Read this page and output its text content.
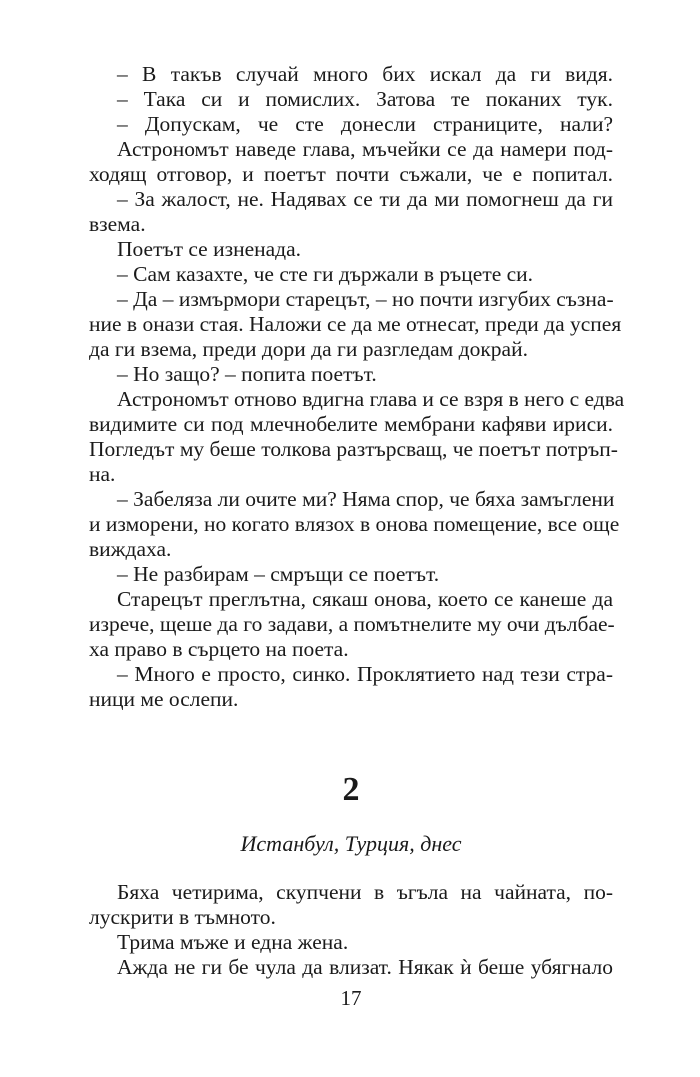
– В такъв случай много бих искал да ги видя.
– Така си и помислих. Затова те поканих тук.
– Допускам, че сте донесли страниците, нали?
Астрономът наведе глава, мъчейки се да намери под-
ходящ отговор, и поетът почти съжали, че е попитал.
– За жалост, не. Надявах се ти да ми помогнеш да ги
взема.
Поетът се изненада.
– Сам казахте, че сте ги държали в ръцете си.
– Да – измърмори старецът, – но почти изгубих съзна-
ние в онази стая. Наложи се да ме отнесат, преди да успея
да ги взема, преди дори да ги разгледам докрай.
– Но защо? – попита поетът.
Астрономът отново вдигна глава и се взря в него с едва
видимите си под млечнобелите мембрани кафяви ириси.
Погледът му беше толкова разтърсващ, че поетът потръп-
на.
– Забеляза ли очите ми? Няма спор, че бяха замъглени
и изморени, но когато влязох в онова помещение, все още
виждаха.
– Не разбирам – смръщи се поетът.
Старецът преглътна, сякаш онова, което се канеше да
изрече, щеше да го задави, а помътнелите му очи дълбае-
ха право в сърцето на поета.
– Много е просто, синко. Проклятието над тези стра-
ници ме ослепи.
2
Истанбул, Турция, днес
Бяха четирима, скупчени в ъгъла на чайната, по-
лускрити в тъмното.
Трима мъже и една жена.
Ажда не ги бе чула да влизат. Някак ѝ беше убягнало
17
